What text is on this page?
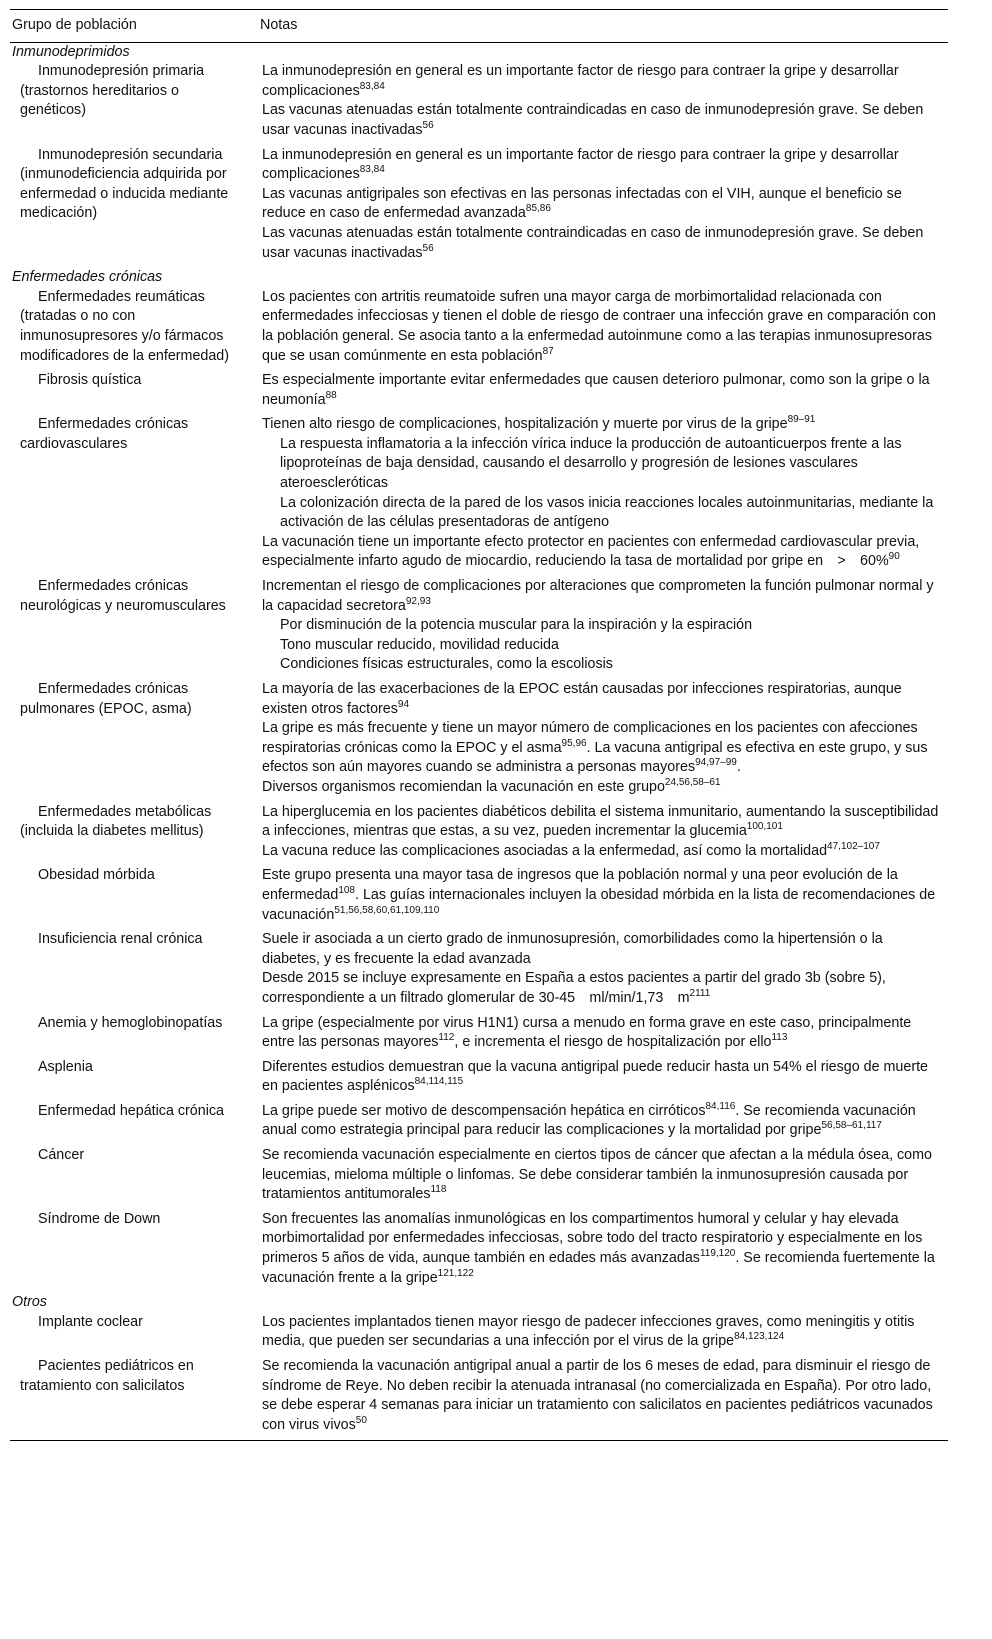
Grupo de población	Notas
Inmunodeprimidos	
Inmunodepresión primaria (trastornos hereditarios o genéticos)	La inmunodepresión en general es un importante factor de riesgo para contraer la gripe y desarrollar complicaciones$^{83,84}$
Las vacunas atenuadas están totalmente contraindicadas en caso de inmunodepresión grave. Se deben usar vacunas inactivadas$^{56}$

Inmunodepresión secundaria (inmunodeficiencia adquirida por enfermedad o inducida mediante medicación)	La inmunodepresión en general es un importante factor de riesgo para contraer la gripe y desarrollar complicaciones$^{83,84}$
Las vacunas antigripales son efectivas en las personas infectadas con el VIH, aunque el beneficio se reduce en caso de enfermedad avanzada$^{85,86}$
Las vacunas atenuadas están totalmente contraindicadas en caso de inmunodepresión grave. Se deben usar vacunas inactivadas$^{56}$

Enfermedades crónicas	
Enfermedades reumáticas (tratadas o no con inmunosupresores y/o fármacos modificadores de la enfermedad)	Los pacientes con artritis reumatoide sufren una mayor carga de morbimortalidad relacionada con enfermedades infecciosas y tienen el doble de riesgo de contraer una infección grave en comparación con la población general. Se asocia tanto a la enfermedad autoinmune como a las terapias inmunosupresoras que se usan comúnmente en esta población$^{87}$

Fibrosis quística	Es especialmente importante evitar enfermedades que causen deterioro pulmonar, como son la gripe o la neumonía$^{88}$

Enfermedades crónicas cardiovasculares	Tienen alto riesgo de complicaciones, hospitalización y muerte por virus de la gripe$^{89-91}$
La respuesta inflamatoria a la infección vírica induce la producción de autoanticuerpos frente a las lipoproteínas de baja densidad, causando el desarrollo y progresión de lesiones vasculares ateroescleróticas
La colonización directa de la pared de los vasos inicia reacciones locales autoinmunitarias, mediante la activación de las células presentadoras de antígeno
La vacunación tiene un importante efecto protector en pacientes con enfermedad cardiovascular previa, especialmente infarto agudo de miocardio, reduciendo la tasa de mortalidad por gripe en > 60%$^{90}$

Enfermedades crónicas neurológicas y neuromusculares	Incrementan el riesgo de complicaciones por alteraciones que comprometen la función pulmonar normal y la capacidad secretora$^{92,93}$
Por disminución de la potencia muscular para la inspiración y la espiración
Tono muscular reducido, movilidad reducida
Condiciones físicas estructurales, como la escoliosis

Enfermedades crónicas pulmonares (EPOC, asma)	La mayoría de las exacerbaciones de la EPOC están causadas por infecciones respiratorias, aunque existen otros factores$^{94}$
La gripe es más frecuente y tiene un mayor número de complicaciones en los pacientes con afecciones respiratorias crónicas como la EPOC y el asma$^{95,96}$. La vacuna antigripal es efectiva en este grupo, y sus efectos son aún mayores cuando se administra a personas mayores$^{94,97-99}$.
Diversos organismos recomiendan la vacunación en este grupo$^{24,56,58-61}$

Enfermedades metabólicas (incluida la diabetes mellitus)	La hiperglucemia en los pacientes diabéticos debilita el sistema inmunitario, aumentando la susceptibilidad a infecciones, mientras que estas, a su vez, pueden incrementar la glucemia$^{100,101}$
La vacuna reduce las complicaciones asociadas a la enfermedad, así como la mortalidad$^{47,102-107}$

Obesidad mórbida	Este grupo presenta una mayor tasa de ingresos que la población normal y una peor evolución de la enfermedad$^{108}$. Las guías internacionales incluyen la obesidad mórbida en la lista de recomendaciones de vacunación$^{51,56,58,60,61,109,110}$

Insuficiencia renal crónica	Suele ir asociada a un cierto grado de inmunosupresión, comorbilidades como la hipertensión o la diabetes, y es frecuente la edad avanzada
Desde 2015 se incluye expresamente en España a estos pacientes a partir del grado 3b (sobre 5), correspondiente a un filtrado glomerular de 30-45 ml/min/1,73 $m^{2111}$

Anemia y hemoglobinopatías	La gripe (especialmente por virus H1N1) cursa a menudo en forma grave en este caso, principalmente entre las personas mayores$^{112}$, e incrementa el riesgo de hospitalización por ello$^{113}$

Asplenia	Diferentes estudios demuestran que la vacuna antigripal puede reducir hasta un 54% el riesgo de muerte en pacientes asplénicos$^{84,114,115}$

Enfermedad hepática crónica	La gripe puede ser motivo de descompensación hepática en cirróticos$^{84,116}$. Se recomienda vacunación anual como estrategia principal para reducir las complicaciones y la mortalidad por gripe$^{56,58-61,117}$

Cáncer	Se recomienda vacunación especialmente en ciertos tipos de cáncer que afectan a la médula ósea, como leucemias, mieloma múltiple o linfomas. Se debe considerar también la inmunosupresión causada por tratamientos antitumorales$^{118}$

Síndrome de Down	Son frecuentes las anomalías inmunológicas en los compartimentos humoral y celular y hay elevada morbimortalidad por enfermedades infecciosas, sobre todo del tracto respiratorio y especialmente en los primeros 5 años de vida, aunque también en edades más avanzadas$^{119,120}$. Se recomienda fuertemente la vacunación frente a la gripe$^{121,122}$

Otros	
Implante coclear	Los pacientes implantados tienen mayor riesgo de padecer infecciones graves, como meningitis y otitis media, que pueden ser secundarias a una infección por el virus de la gripe$^{84,123,124}$

Pacientes pediátricos en tratamiento con salicilatos	Se recomienda la vacunación antigripal anual a partir de los 6 meses de edad, para disminuir el riesgo de síndrome de Reye. No deben recibir la atenuada intranasal (no comercializada en España). Por otro lado, se debe esperar 4 semanas para iniciar un tratamiento con salicilatos en pacientes pediátricos vacunados con virus vivos$^{50}$
